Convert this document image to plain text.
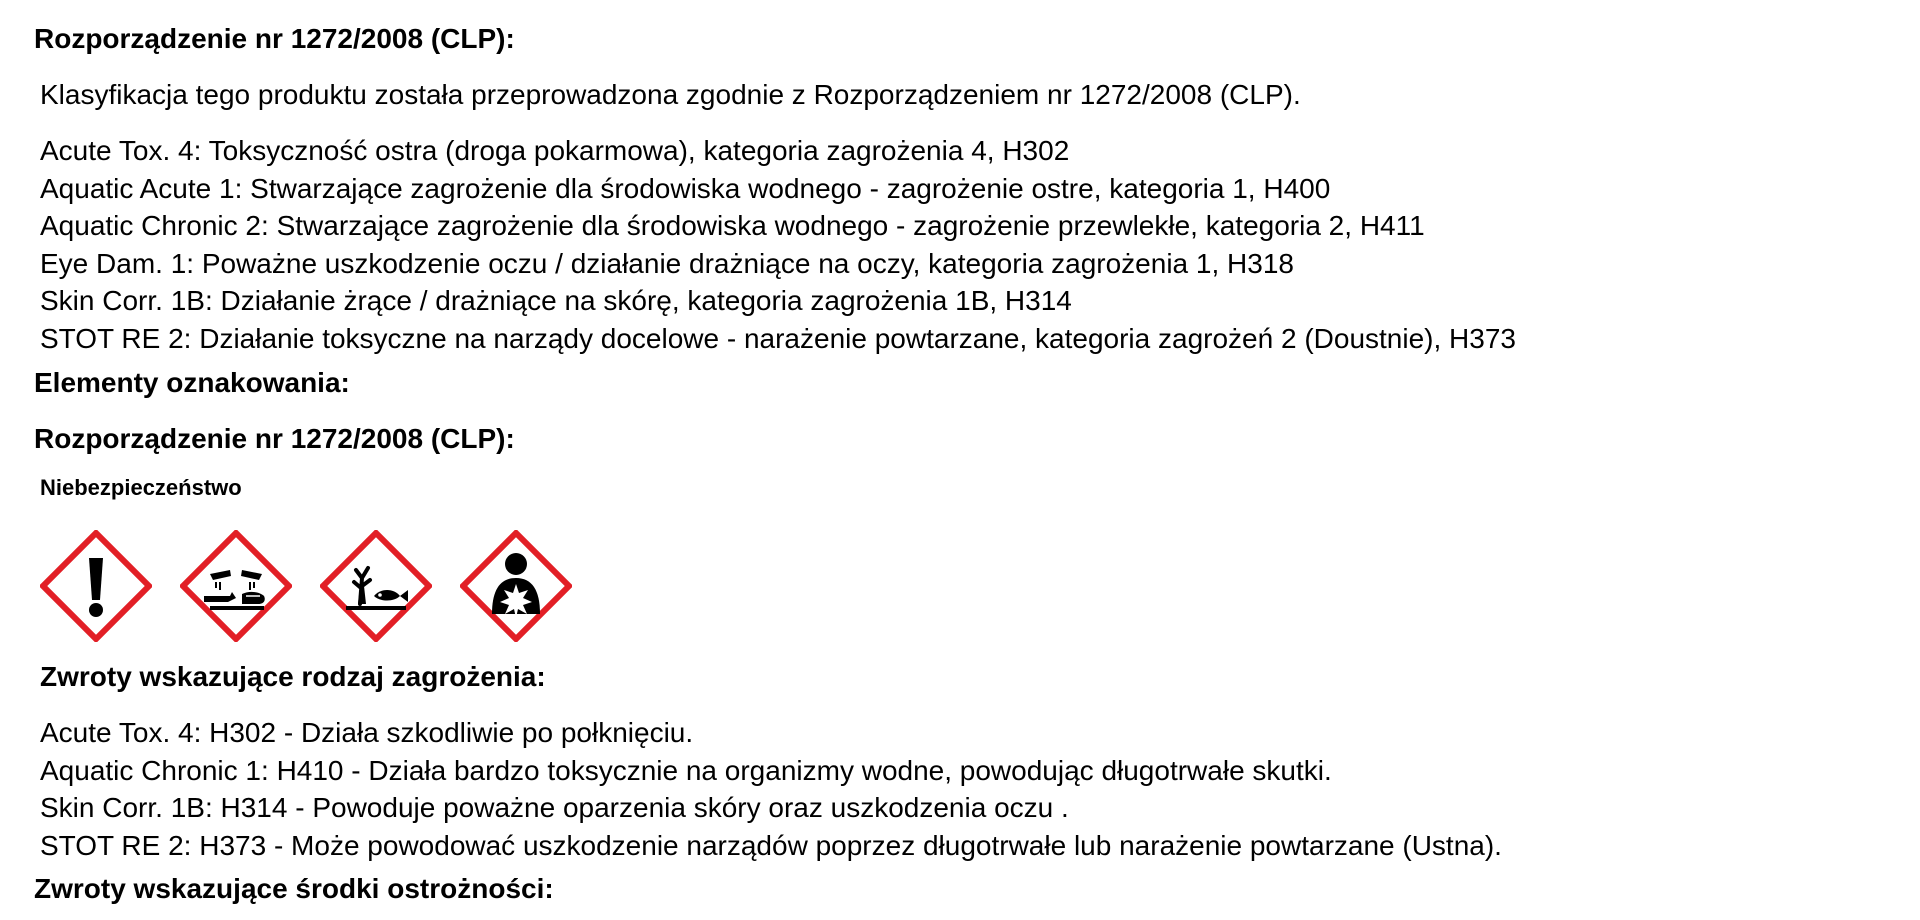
Rozporządzenie nr 1272/2008 (CLP):
Klasyfikacja tego produktu została przeprowadzona zgodnie z Rozporządzeniem nr 1272/2008 (CLP).
Acute Tox. 4: Toksyczność ostra (droga pokarmowa), kategoria zagrożenia 4, H302
Aquatic Acute 1: Stwarzające zagrożenie dla środowiska wodnego - zagrożenie ostre, kategoria 1, H400
Aquatic Chronic 2: Stwarzające zagrożenie dla środowiska wodnego - zagrożenie przewlekłe, kategoria 2, H411
Eye Dam. 1: Poważne uszkodzenie oczu / działanie drażniące na oczy, kategoria zagrożenia 1, H318
Skin Corr. 1B: Działanie żrące / drażniące na skórę, kategoria zagrożenia 1B, H314
STOT RE 2: Działanie toksyczne na narządy docelowe - narażenie powtarzane, kategoria zagrożeń 2 (Doustnie), H373
Elementy oznakowania:
Rozporządzenie nr 1272/2008 (CLP):
Niebezpieczeństwo
Zwroty wskazujące rodzaj zagrożenia:
Acute Tox. 4: H302 - Działa szkodliwie po połknięciu.
Aquatic Chronic 1: H410 - Działa bardzo toksycznie na organizmy wodne, powodując długotrwałe skutki.
Skin Corr. 1B: H314 - Powoduje poważne oparzenia skóry oraz uszkodzenia oczu .
STOT RE 2: H373 - Może powodować uszkodzenie narządów poprzez długotrwałe lub narażenie powtarzane (Ustna).
Zwroty wskazujące środki ostrożności:
